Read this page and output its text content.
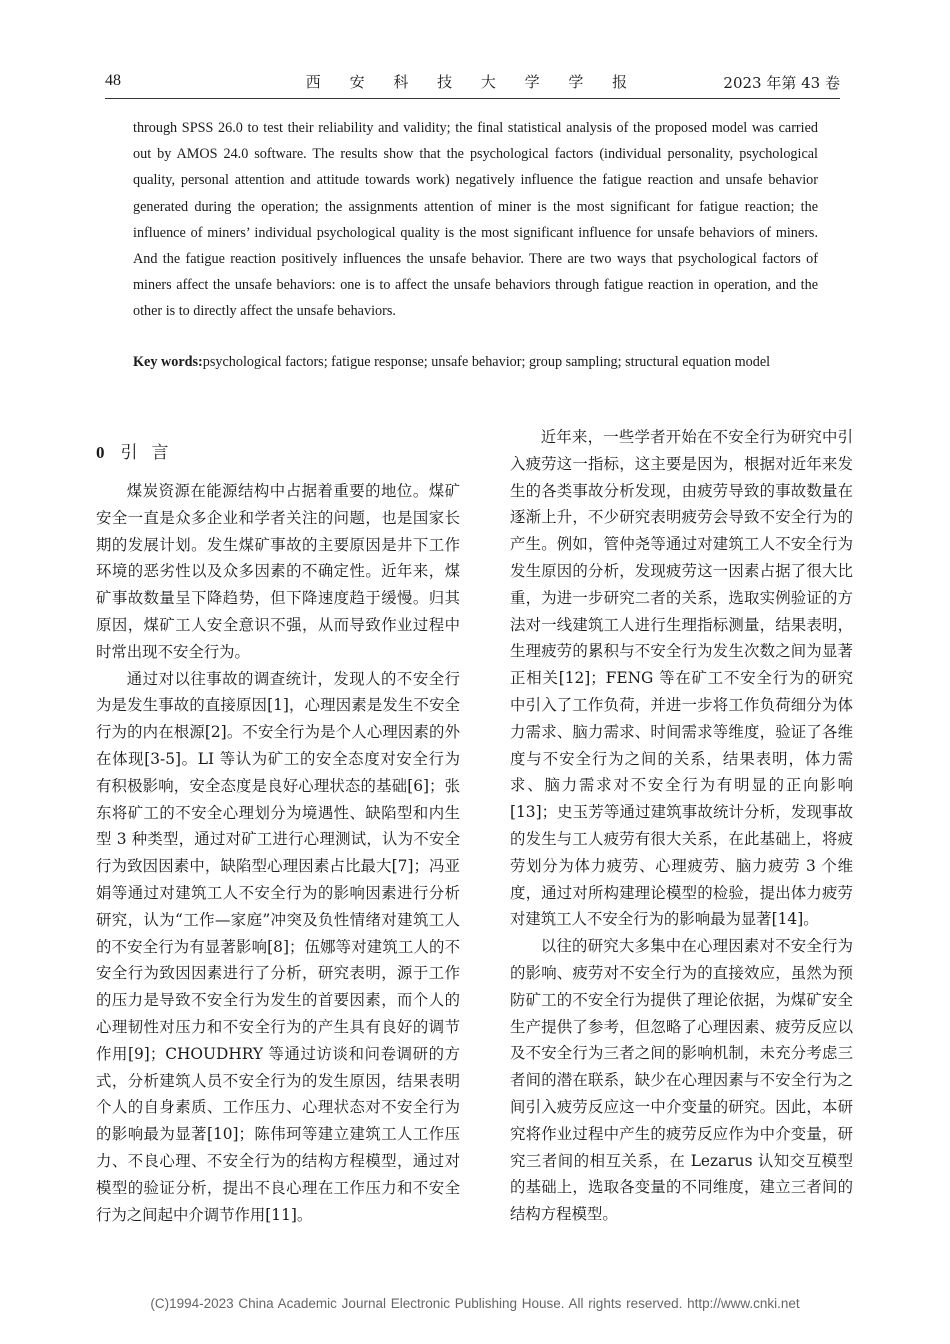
48	西 安 科 技 大 学 学 报	2023 年第 43 卷
through SPSS 26.0 to test their reliability and validity; the final statistical analysis of the proposed model was carried out by AMOS 24.0 software. The results show that the psychological factors (individual personality, psychological quality, personal attention and attitude towards work) negatively influence the fatigue reaction and unsafe behavior generated during the operation; the assignments attention of miner is the most significant for fatigue reaction; the influence of miners’ individual psychological quality is the most significant influence for unsafe behaviors of miners. And the fatigue reaction positively influences the unsafe behavior. There are two ways that psychological factors of miners affect the unsafe behaviors: one is to affect the unsafe behaviors through fatigue reaction in operation, and the other is to directly affect the unsafe behaviors.
Key words:psychological factors; fatigue response; unsafe behavior; group sampling; structural equation model
0 引言

煤炭资源在能源结构中占据着重要的地位。煤矿安全一直是众多企业和学者关注的问题，也是国家长期的发展计划。发生煤矿事故的主要原因是井下工作环境的恶劣性以及众多因素的不确定性。近年来，煤矿事故数量呈下降趋势，但下降速度趋于缓慢。归其原因，煤矿工人安全意识不强，从而导致作业过程中时常出现不安全行为。

通过对以往事故的调查统计，发现人的不安全行为是发生事故的直接原因[1]，心理因素是发生不安全行为的内在根源[2]。不安全行为是个人心理因素的外在体现[3-5]。LI 等认为矿工的安全态度对安全行为有积极影响，安全态度是良好心理状态的基础[6]；张东将矿工的不安全心理划分为境遇性、缺陷型和内生型 3 种类型，通过对矿工进行心理测试，认为不安全行为致因因素中，缺陷型心理因素占比最大[7]；冯亚娟等通过对建筑工人不安全行为的影响因素进行分析研究，认为“工作—家庭”冲突及负性情绪对建筑工人的不安全行为有显著影响[8]；伍娜等对建筑工人的不安全行为致因因素进行了分析，研究表明，源于工作的压力是导致不安全行为发生的首要因素，而个人的心理韧性对压力和不安全行为的产生具有良好的调节作用[9]；CHOUDHRY 等通过访谈和问卷调研的方式，分析建筑人员不安全行为的发生原因，结果表明个人的自身素质、工作压力、心理状态对不安全行为的影响最为显著[10]；陈伟珂等建立建筑工人工作压力、不良心理、不安全行为的结构方程模型，通过对模型的验证分析，提出不良心理在工作压力和不安全行为之间起中介调节作用[11]。

近年来，一些学者开始在不安全行为研究中引入疲劳这一指标，这主要是因为，根据对近年来发生的各类事故分析发现，由疲劳导致的事故数量在逐渐上升，不少研究表明疲劳会导致不安全行为的产生。例如，管仲尧等通过对建筑工人不安全行为发生原因的分析，发现疲劳这一因素占据了很大比重，为进一步研究二者的关系，选取实例验证的方法对一线建筑工人进行生理指标测量，结果表明，生理疲劳的累积与不安全行为发生次数之间为显著正相关[12]；FENG 等在矿工不安全行为的研究中引入了工作负荷，并进一步将工作负荷细分为体力需求、脑力需求、时间需求等维度，验证了各维度与不安全行为之间的关系，结果表明，体力需求、脑力需求对不安全行为有明显的正向影响[13]；史玉芳等通过建筑事故统计分析，发现事故的发生与工人疲劳有很大关系，在此基础上，将疲劳划分为体力疲劳、心理疲劳、脑力疲劳 3 个维度，通过对所构建理论模型的检验，提出体力疲劳对建筑工人不安全行为的影响最为显著[14]。

以往的研究大多集中在心理因素对不安全行为的影响、疲劳对不安全行为的直接效应，虽然为预防矿工的不安全行为提供了理论依据，为煤矿安全生产提供了参考，但忽略了心理因素、疲劳反应以及不安全行为三者之间的影响机制，未充分考虑三者间的潜在联系，缺少在心理因素与不安全行为之间引入疲劳反应这一中介变量的研究。因此，本研究将作业过程中产生的疲劳反应作为中介变量，研究三者间的相互关系，在 Lezarus 认知交互模型的基础上，选取各变量的不同维度，建立三者间的结构方程模型。

(C)1994-2023 China Academic Journal Electronic Publishing House. All rights reserved. http://www.cnki.net
